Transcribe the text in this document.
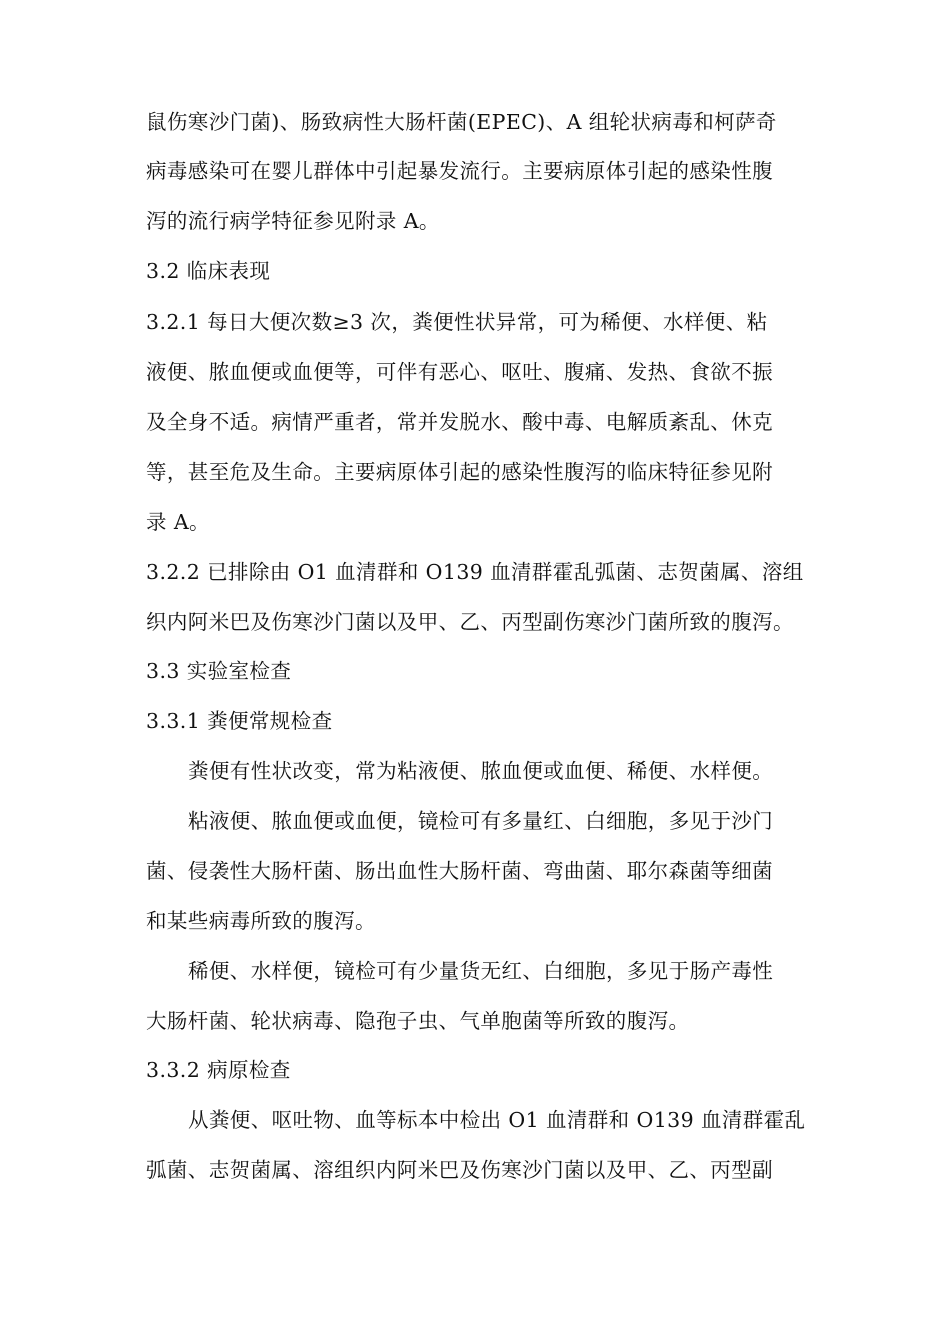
鼠伤寒沙门菌)、肠致病性大肠杆菌(EPEC)、A 组轮状病毒和柯萨奇
病毒感染可在婴儿群体中引起暴发流行。主要病原体引起的感染性腹
泻的流行病学特征参见附录 A。
3.2 临床表现
3.2.1 每日大便次数≥3 次，粪便性状异常，可为稀便、水样便、粘
液便、脓血便或血便等，可伴有恶心、呕吐、腹痛、发热、食欲不振
及全身不适。病情严重者，常并发脱水、酸中毒、电解质紊乱、休克
等，甚至危及生命。主要病原体引起的感染性腹泻的临床特征参见附
录 A。
3.2.2 已排除由 O1 血清群和 O139 血清群霍乱弧菌、志贺菌属、溶组
织内阿米巴及伤寒沙门菌以及甲、乙、丙型副伤寒沙门菌所致的腹泻。
3.3 实验室检查
3.3.1 粪便常规检查
粪便有性状改变，常为粘液便、脓血便或血便、稀便、水样便。
粘液便、脓血便或血便，镜检可有多量红、白细胞，多见于沙门
菌、侵袭性大肠杆菌、肠出血性大肠杆菌、弯曲菌、耶尔森菌等细菌
和某些病毒所致的腹泻。
稀便、水样便，镜检可有少量货无红、白细胞，多见于肠产毒性
大肠杆菌、轮状病毒、隐孢子虫、气单胞菌等所致的腹泻。
3.3.2 病原检查
从粪便、呕吐物、血等标本中检出 O1 血清群和 O139 血清群霍乱
弧菌、志贺菌属、溶组织内阿米巴及伤寒沙门菌以及甲、乙、丙型副
